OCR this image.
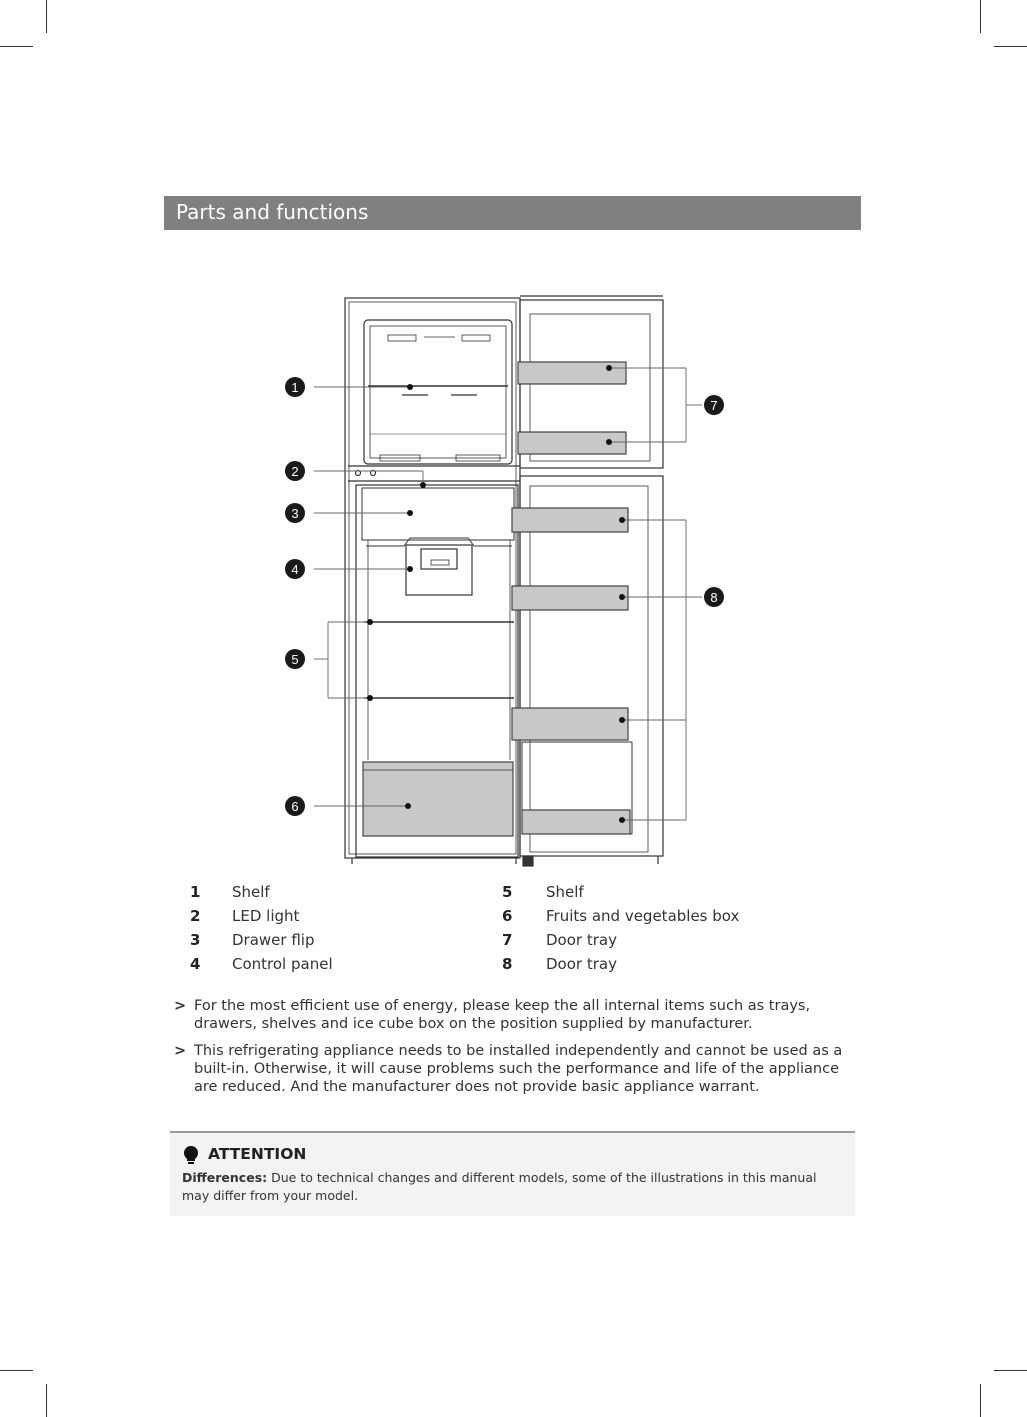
Parts and functions
1
2
3
4
5
6
7
8
1 Shelf
2 LED light
3 Drawer flip
4 Control panel
5 Shelf
6 Fruits and vegetables box
7 Door tray
8 Door tray
> For the most efficient use of energy, please keep the all internal items such as trays, drawers, shelves and ice cube box on the position supplied by manufacturer.
> This refrigerating appliance needs to be installed independently and cannot be used as a built-in. Otherwise, it will cause problems such the performance and life of the appliance are reduced. And the manufacturer does not provide basic appliance warrant.
ATTENTION
Differences: Due to technical changes and different models, some of the illustrations in this manual may differ from your model.
